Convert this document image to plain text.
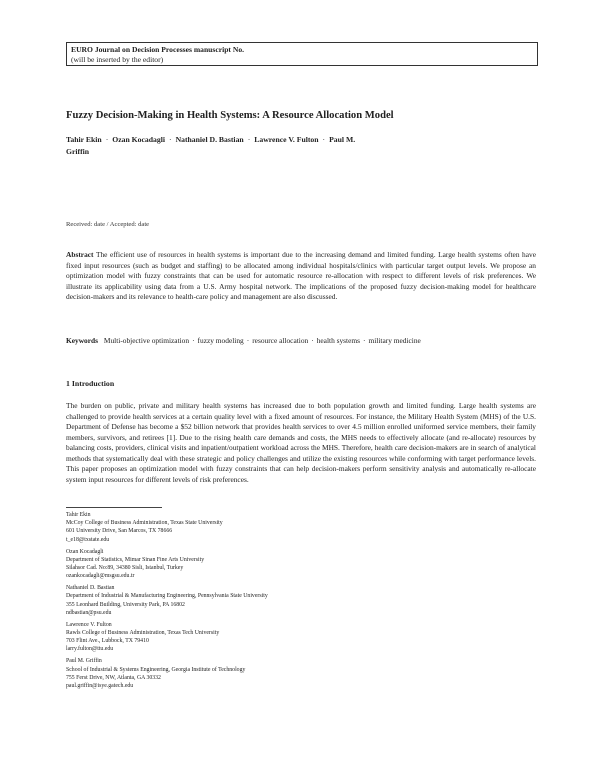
EURO Journal on Decision Processes manuscript No.
(will be inserted by the editor)
Fuzzy Decision-Making in Health Systems: A Resource Allocation Model
Tahir Ekin · Ozan Kocadagli · Nathaniel D. Bastian · Lawrence V. Fulton · Paul M. Griffin
Received: date / Accepted: date
Abstract The efficient use of resources in health systems is important due to the increasing demand and limited funding. Large health systems often have fixed input resources (such as budget and staffing) to be allocated among individual hospitals/clinics with particular target output levels. We propose an optimization model with fuzzy constraints that can be used for automatic resource re-allocation with respect to different levels of risk preferences. We illustrate its applicability using data from a U.S. Army hospital network. The implications of the proposed fuzzy decision-making model for healthcare decision-makers and its relevance to health-care policy and management are also discussed.
Keywords Multi-objective optimization · fuzzy modeling · resource allocation · health systems · military medicine
1 Introduction
The burden on public, private and military health systems has increased due to both population growth and limited funding. Large health systems are challenged to provide health services at a certain quality level with a fixed amount of resources. For instance, the Military Health System (MHS) of the U.S. Department of Defense has become a $52 billion network that provides health services to over 4.5 million enrolled uniformed service members, their family members, survivors, and retirees [1]. Due to the rising health care demands and costs, the MHS needs to effectively allocate (and re-allocate) resources by balancing costs, providers, clinical visits and inpatient/outpatient workload across the MHS. Therefore, health care decision-makers are in search of analytical methods that systematically deal with these strategic and policy challenges and utilize the existing resources while conforming with target performance levels. This paper proposes an optimization model with fuzzy constraints that can help decision-makers perform sensitivity analysis and automatically re-allocate system input resources for different levels of risk preferences.
Tahir Ekin
McCoy College of Business Administration, Texas State University
601 University Drive, San Marcos, TX 78666
t_e18@txstate.edu
Ozan Kocadagli
Department of Statistics, Mimar Sinan Fine Arts University
Silahsor Cad. No:89, 34380 Sisli, Istanbul, Turkey
ozankocadagli@msgsu.edu.tr
Nathaniel D. Bastian
Department of Industrial & Manufacturing Engineering, Pennsylvania State University
355 Leonhard Building, University Park, PA 16802
ndbastian@psu.edu
Lawrence V. Fulton
Rawls College of Business Administration, Texas Tech University
703 Flint Ave., Lubbock, TX 79410
larry.fulton@ttu.edu
Paul M. Griffin
School of Industrial & Systems Engineering, Georgia Institute of Technology
755 Ferst Drive, NW, Atlanta, GA 30332
paul.griffin@isye.gatech.edu
